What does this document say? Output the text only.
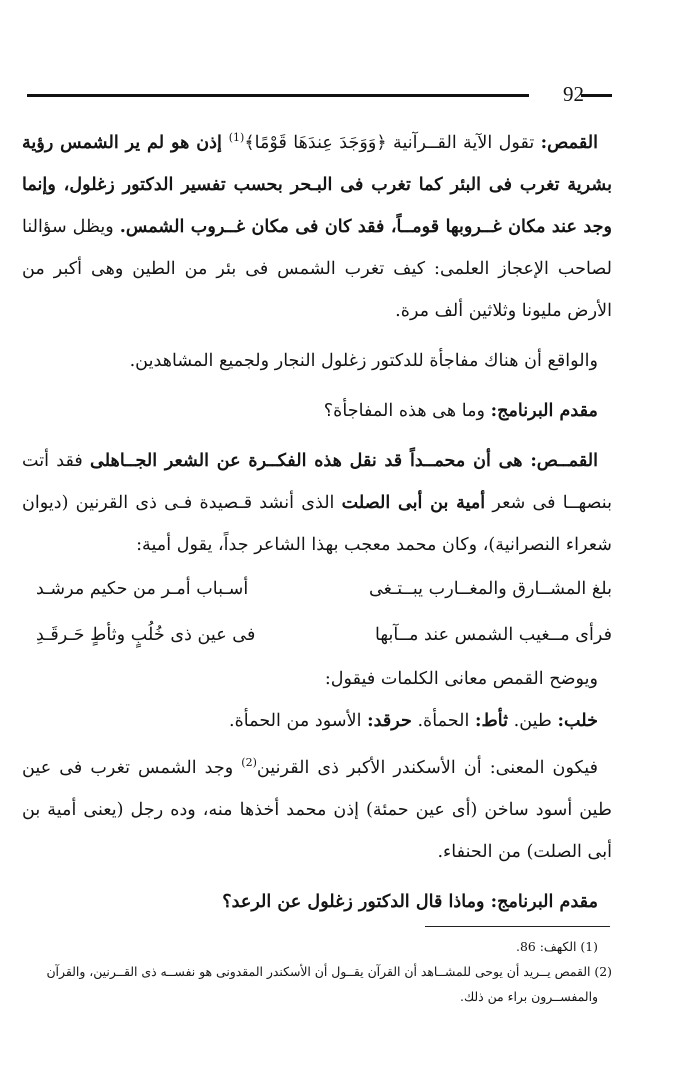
92

القمص: تقول الآية القــرآنية ﴿وَوَجَدَ عِندَهَا قَوْمًا﴾$^{(1)}$ إذن هو لم ير الشمس رؤية بشرية تغرب فى البئر كما تغرب فى البـحر بحسب تفسير الدكتور زغلول، وإنما وجد عند مكان غــروبها قومــاً، فقد كان فى مكان غــروب الشمس. ويظل سؤالنا لصاحب الإعجاز العلمى: كيف تغرب الشمس فى بئر من الطين وهى أكبر من الأرض مليونا وثلاثين ألف مرة.

والواقع أن هناك مفاجأة للدكتور زغلول النجار ولجميع المشاهدين.

مقدم البرنامج: وما هى هذه المفاجأة؟

القمــص: هى أن محمــداً قد نقل هذه الفكــرة عن الشعر الجــاهلى فقد أتت بنصهــا فى شعر أمية بن أبى الصلت الذى أنشد قـصيدة فـى ذى القرنين (ديوان شعراء النصرانية)، وكان محمد معجب بهذا الشاعر جداً، يقول أمية:

بلغ المشــارق والمغــارب يبــتـغى
أسـباب أمـر من حكيم مرشـد
فرأى مــغيب الشمس عند مــآبها
فى عين ذى خُلُبٍ وثأطٍ حَـرقَـدِ

ويوضح القمص معانى الكلمات فيقول:

خلب: طين. ثأط: الحمأة. حرقد: الأسود من الحمأة.

فيكون المعنى: أن الأسكندر الأكبر ذى القرنين$^{(2)}$ وجد الشمس تغرب فى عين طين أسود ساخن (أى عين حمئة) إذن محمد أخذها منه، وده رجل (يعنى أمية بن أبى الصلت) من الحنفاء.

مقدم البرنامج: وماذا قال الدكتور زغلول عن الرعد؟

(1) الكهف: 86.

(2) القمص يــريد أن يوحى للمشــاهد أن القرآن يقــول أن الأسكندر المقدونى هو نفســه ذى القــرنين، والقرآن

والمفســرون براء من ذلك.
